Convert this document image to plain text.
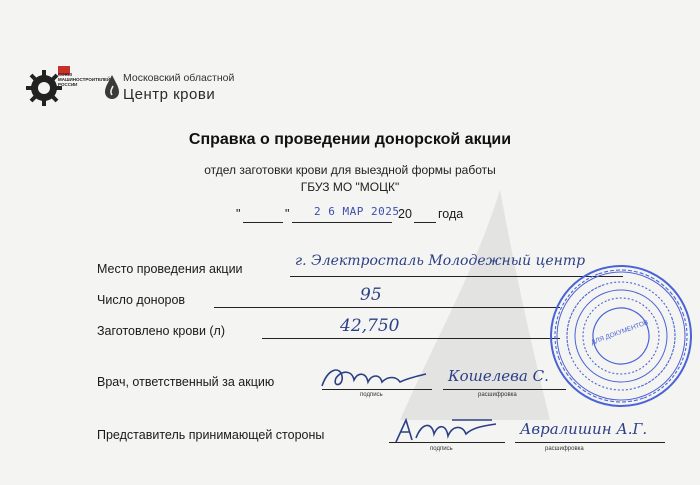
СОЮЗ МАШИНОСТРОИТЕЛЕЙ РОССИИ
Московский областной
Центр крови
Справка о проведении донорской акции
отдел заготовки крови для выездной формы работы
ГБУЗ МО "МОЦК"
"	" 2 6 МАР 2025
20 года
Место проведения акции	г. Электросталь Молодежный центр
Число доноров	95
Заготовлено крови (л)	42,750
Врач, ответственный за акцию	Кошелева С.
подпись	расшифровка
Представитель принимающей стороны	Авралишин А.Г.
подпись	расшифровка
ДЛЯ ДОКУМЕНТОВ
